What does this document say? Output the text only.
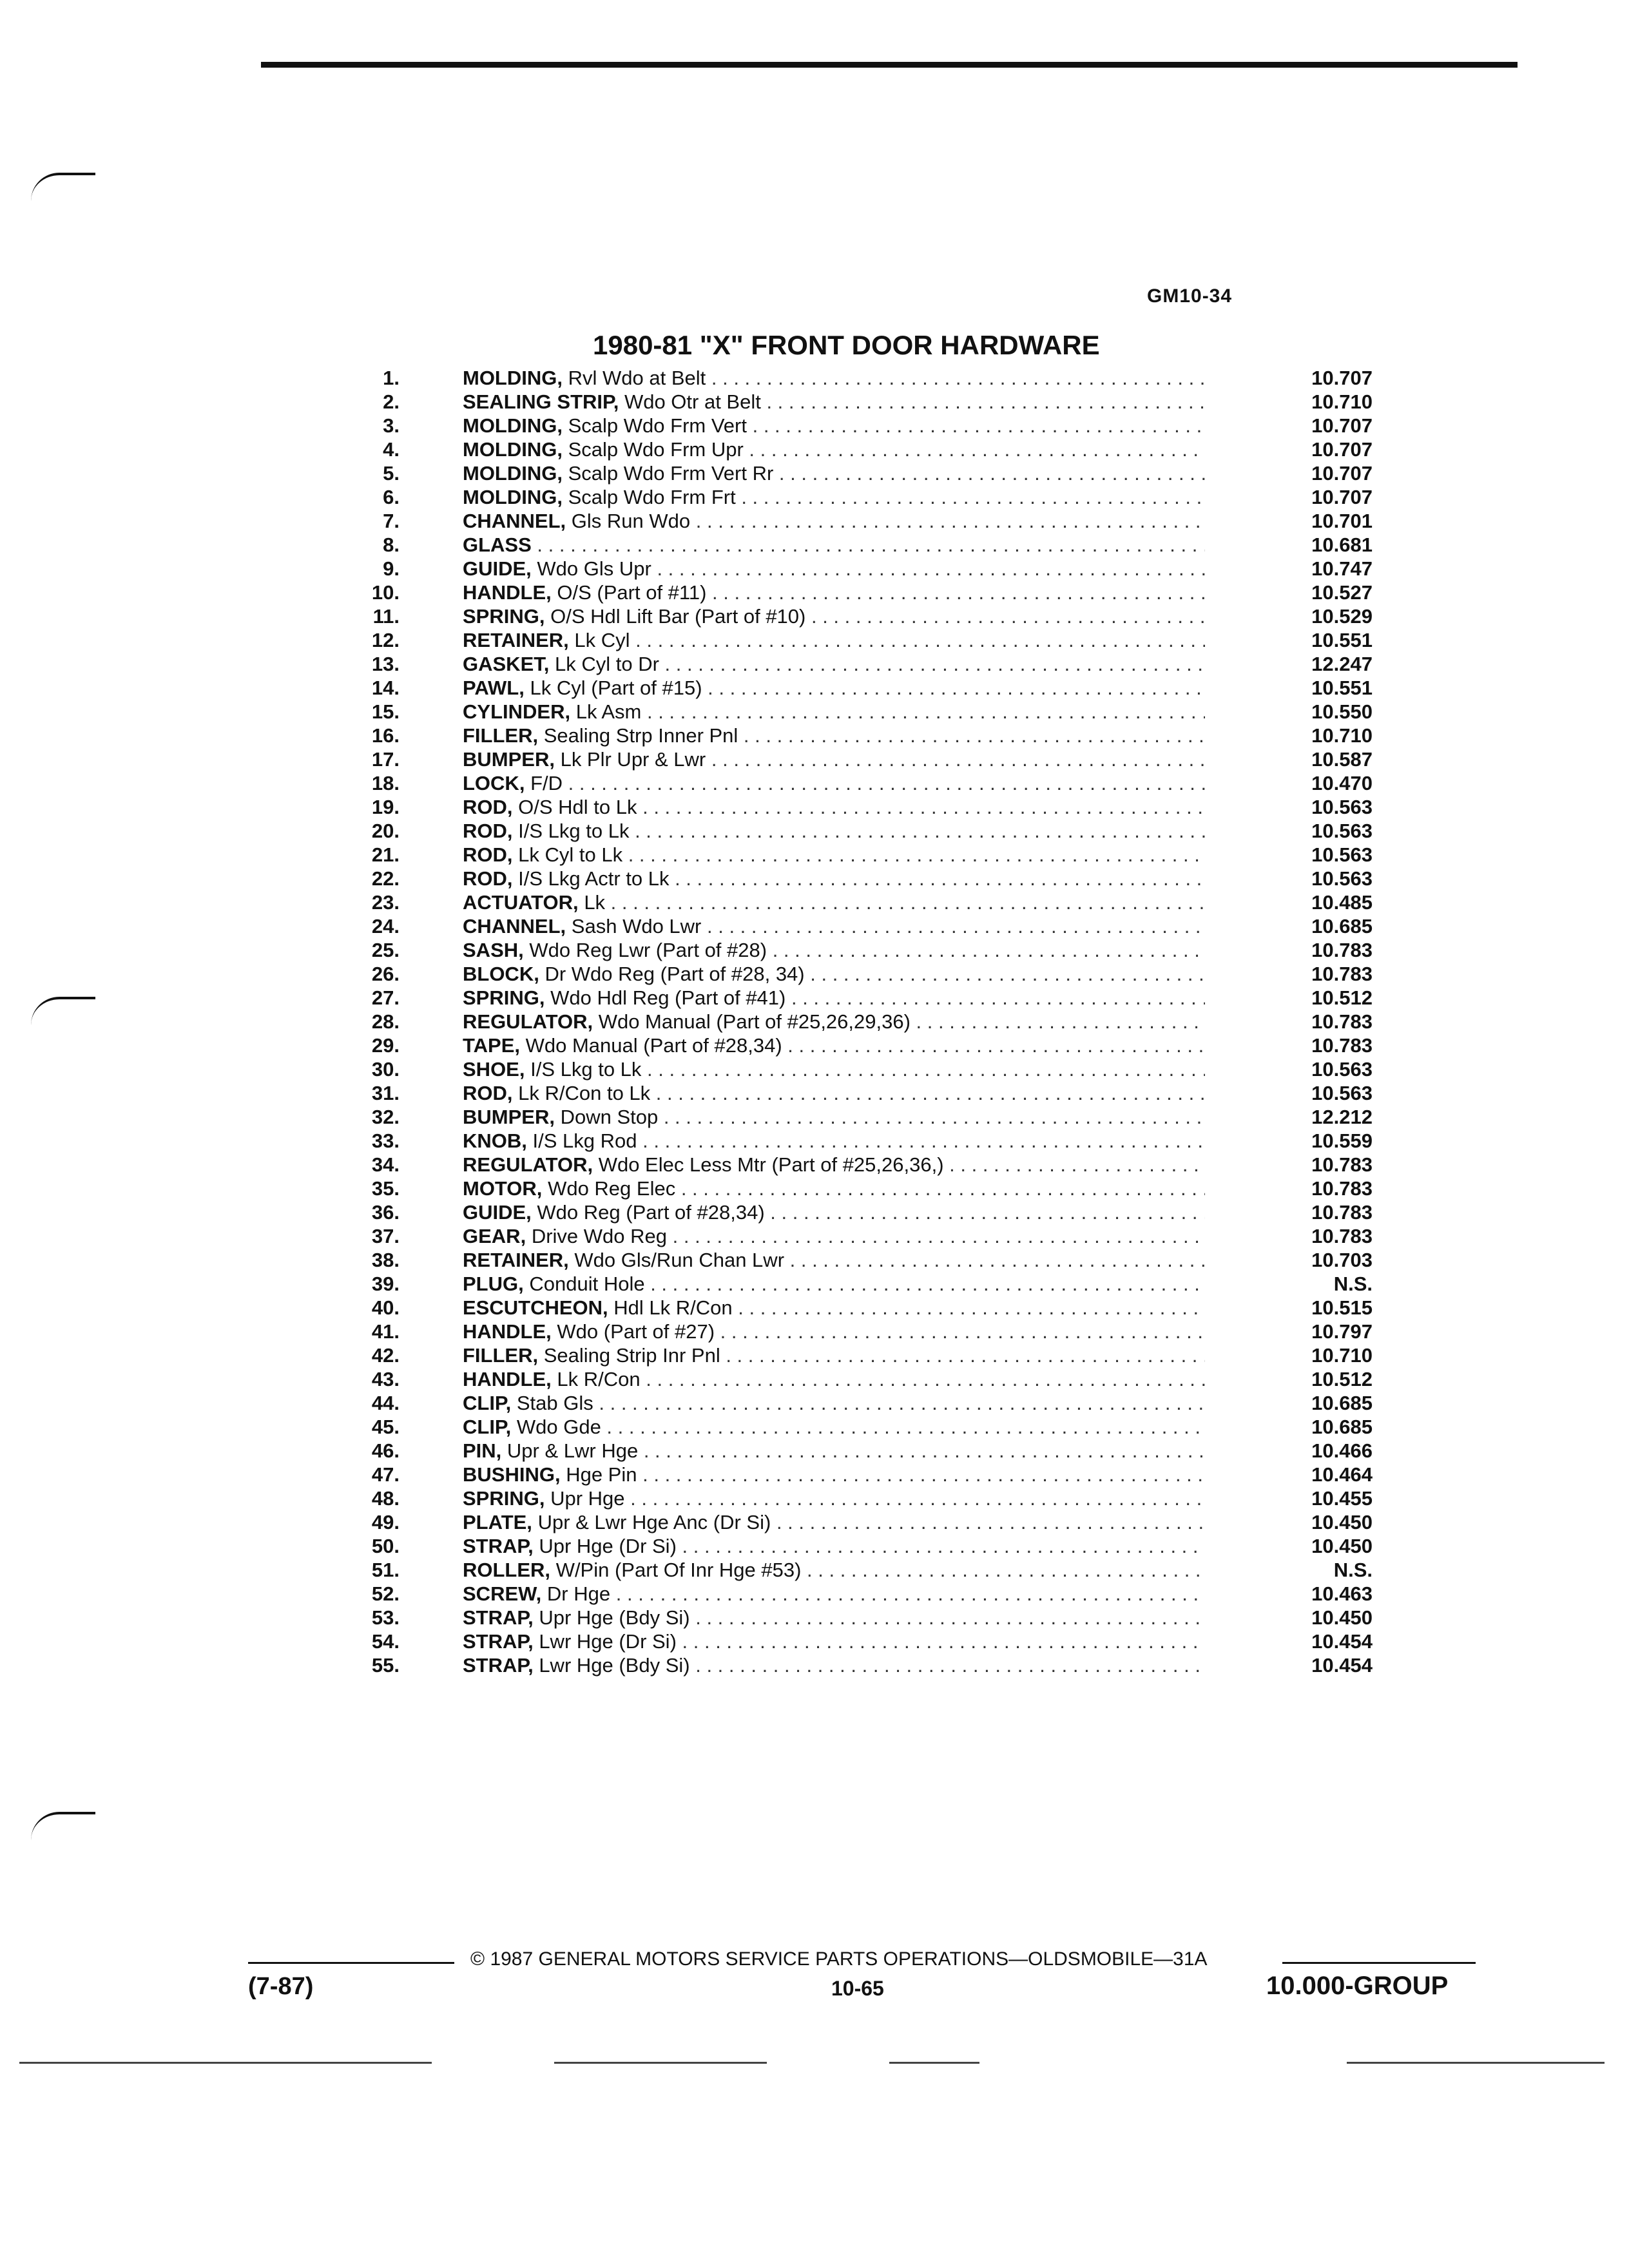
GM10-34
1980-81 "X" FRONT DOOR HARDWARE
1.	MOLDING, Rvl Wdo at Belt . . .	10.707
2.	SEALING STRIP, Wdo Otr at Belt . . .	10.710
3.	MOLDING, Scalp Wdo Frm Vert . . .	10.707
4.	MOLDING, Scalp Wdo Frm Upr . . .	10.707
5.	MOLDING, Scalp Wdo Frm Vert Rr . . .	10.707
6.	MOLDING, Scalp Wdo Frm Frt . . .	10.707
7.	CHANNEL, Gls Run Wdo . . .	10.701
8.	GLASS . . .	10.681
9.	GUIDE, Wdo Gls Upr . . .	10.747
10.	HANDLE, O/S (Part of #11) . . .	10.527
11.	SPRING, O/S Hdl Lift Bar (Part of #10) . . .	10.529
12.	RETAINER, Lk Cyl . . .	10.551
13.	GASKET, Lk Cyl to Dr . . .	12.247
14.	PAWL, Lk Cyl (Part of #15) . . .	10.551
15.	CYLINDER, Lk Asm . . .	10.550
16.	FILLER, Sealing Strp Inner Pnl . . .	10.710
17.	BUMPER, Lk Plr Upr & Lwr . . .	10.587
18.	LOCK, F/D . . .	10.470
19.	ROD, O/S Hdl to Lk . . .	10.563
20.	ROD, I/S Lkg to Lk . . .	10.563
21.	ROD, Lk Cyl to Lk . . .	10.563
22.	ROD, I/S Lkg Actr to Lk . . .	10.563
23.	ACTUATOR, Lk . . .	10.485
24.	CHANNEL, Sash Wdo Lwr . . .	10.685
25.	SASH, Wdo Reg Lwr (Part of #28) . . .	10.783
26.	BLOCK, Dr Wdo Reg (Part of #28, 34) . . .	10.783
27.	SPRING, Wdo Hdl Reg (Part of #41) . . .	10.512
28.	REGULATOR, Wdo Manual (Part of #25,26,29,36) . . .	10.783
29.	TAPE, Wdo Manual (Part of #28,34) . . .	10.783
30.	SHOE, I/S Lkg to Lk . . .	10.563
31.	ROD, Lk R/Con to Lk . . .	10.563
32.	BUMPER, Down Stop . . .	12.212
33.	KNOB, I/S Lkg Rod . . .	10.559
34.	REGULATOR, Wdo Elec Less Mtr (Part of #25,26,36,) . . .	10.783
35.	MOTOR, Wdo Reg Elec . . .	10.783
36.	GUIDE, Wdo Reg (Part of #28,34) . . .	10.783
37.	GEAR, Drive Wdo Reg . . .	10.783
38.	RETAINER, Wdo Gls/Run Chan Lwr . . .	10.703
39.	PLUG, Conduit Hole . . .	N.S.
40.	ESCUTCHEON, Hdl Lk R/Con . . .	10.515
41.	HANDLE, Wdo (Part of #27) . . .	10.797
42.	FILLER, Sealing Strip Inr Pnl . . .	10.710
43.	HANDLE, Lk R/Con . . .	10.512
44.	CLIP, Stab Gls . . .	10.685
45.	CLIP, Wdo Gde . . .	10.685
46.	PIN, Upr & Lwr Hge . . .	10.466
47.	BUSHING, Hge Pin . . .	10.464
48.	SPRING, Upr Hge . . .	10.455
49.	PLATE, Upr & Lwr Hge Anc (Dr Si) . . .	10.450
50.	STRAP, Upr Hge (Dr Si) . . .	10.450
51.	ROLLER, W/Pin (Part Of Inr Hge #53) . . .	N.S.
52.	SCREW, Dr Hge . . .	10.463
53.	STRAP, Upr Hge (Bdy Si) . . .	10.450
54.	STRAP, Lwr Hge (Dr Si) . . .	10.454
55.	STRAP, Lwr Hge (Bdy Si) . . .	10.454
© 1987 GENERAL MOTORS SERVICE PARTS OPERATIONS—OLDSMOBILE—31A
(7-87)	10-65	10.000-GROUP
